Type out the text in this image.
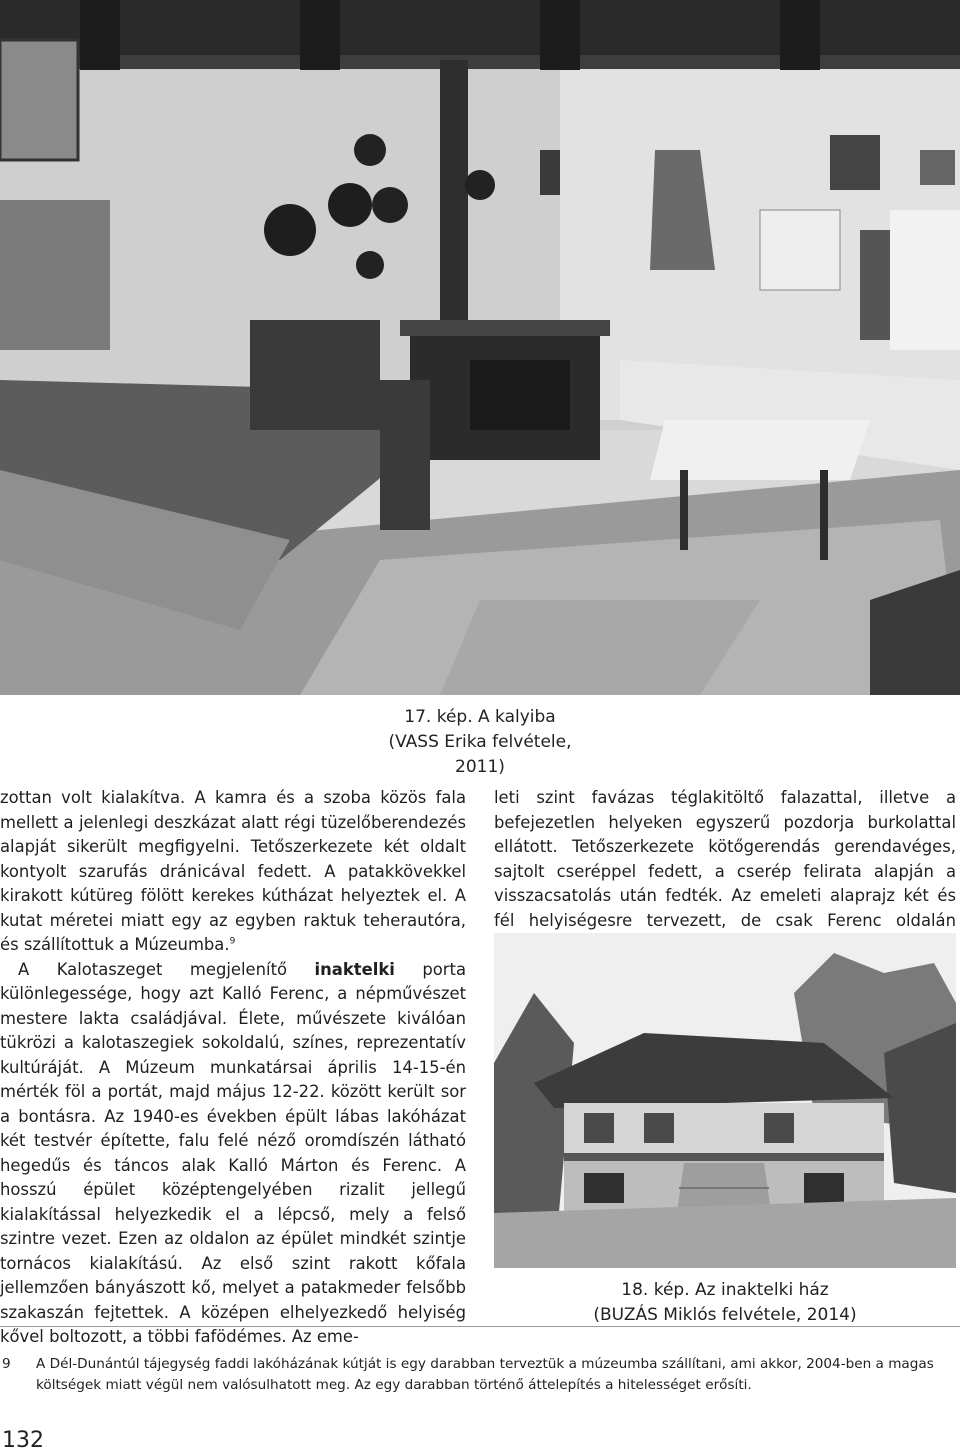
17. kép. A kalyiba
(VASS Erika felvétele, 2011)

zottan volt kialakítva. A kamra és a szoba közös fala mellett a jelenlegi deszkázat alatt régi tüzelőberendezés alapját sikerült megfigyelni. Tetőszerkezete két oldalt kontyolt szarufás dránicával fedett. A patakkövekkel kirakott kútüreg fölött kerekes kútházat helyeztek el. A kutat méretei miatt egy az egyben raktuk teherautóra, és szállítottuk a Múzeumba.$^9$

A Kalotaszeget megjelenítő inaktelki porta különlegessége, hogy azt Kalló Ferenc, a népművészet mestere lakta családjával. Élete, művészete kiválóan tükrözi a kalotaszegiek sokoldalú, színes, reprezentatív kultúráját. A Múzeum munkatársai április 14-15-én mérték föl a portát, majd május 12-22. között került sor a bontásra. Az 1940-es években épült lábas lakóházat két testvér építette, falu felé néző oromdíszén látható hegedűs és táncos alak Kalló Márton és Ferenc. A hosszú épület középtengelyében rizalit jellegű kialakítással helyezkedik el a lépcső, mely a felső szintre vezet. Ezen az oldalon az épület mindkét szintje tornácos kialakítású. Az első szint rakott kőfala jellemzően bányászott kő, melyet a patakmeder felsőbb szakaszán fejtettek. A középen elhelyezkedő helyiség kővel boltozott, a többi fafödémes. Az eme-

leti szint favázas téglakitöltő falazattal, illetve a befejezetlen helyeken egyszerű pozdorja burkolattal ellátott. Tetőszerkezete kötőgerendás gerendavéges, sajtolt cseréppel fedett, a cserép felirata alapján a visszacsatolás után fedték. Az emeleti alaprajz két és fél helyiségesre tervezett, de csak Ferenc oldalán

18. kép. Az inaktelki ház
(BUZÁS Miklós felvétele, 2014)
9 A Dél-Dunántúl tájegység faddi lakóházának kútját is egy darabban terveztük a múzeumba szállítani, ami akkor, 2004-ben a magas költségek miatt végül nem valósulhatott meg. Az egy darabban történő áttelepítés a hitelességet erősíti.
132
